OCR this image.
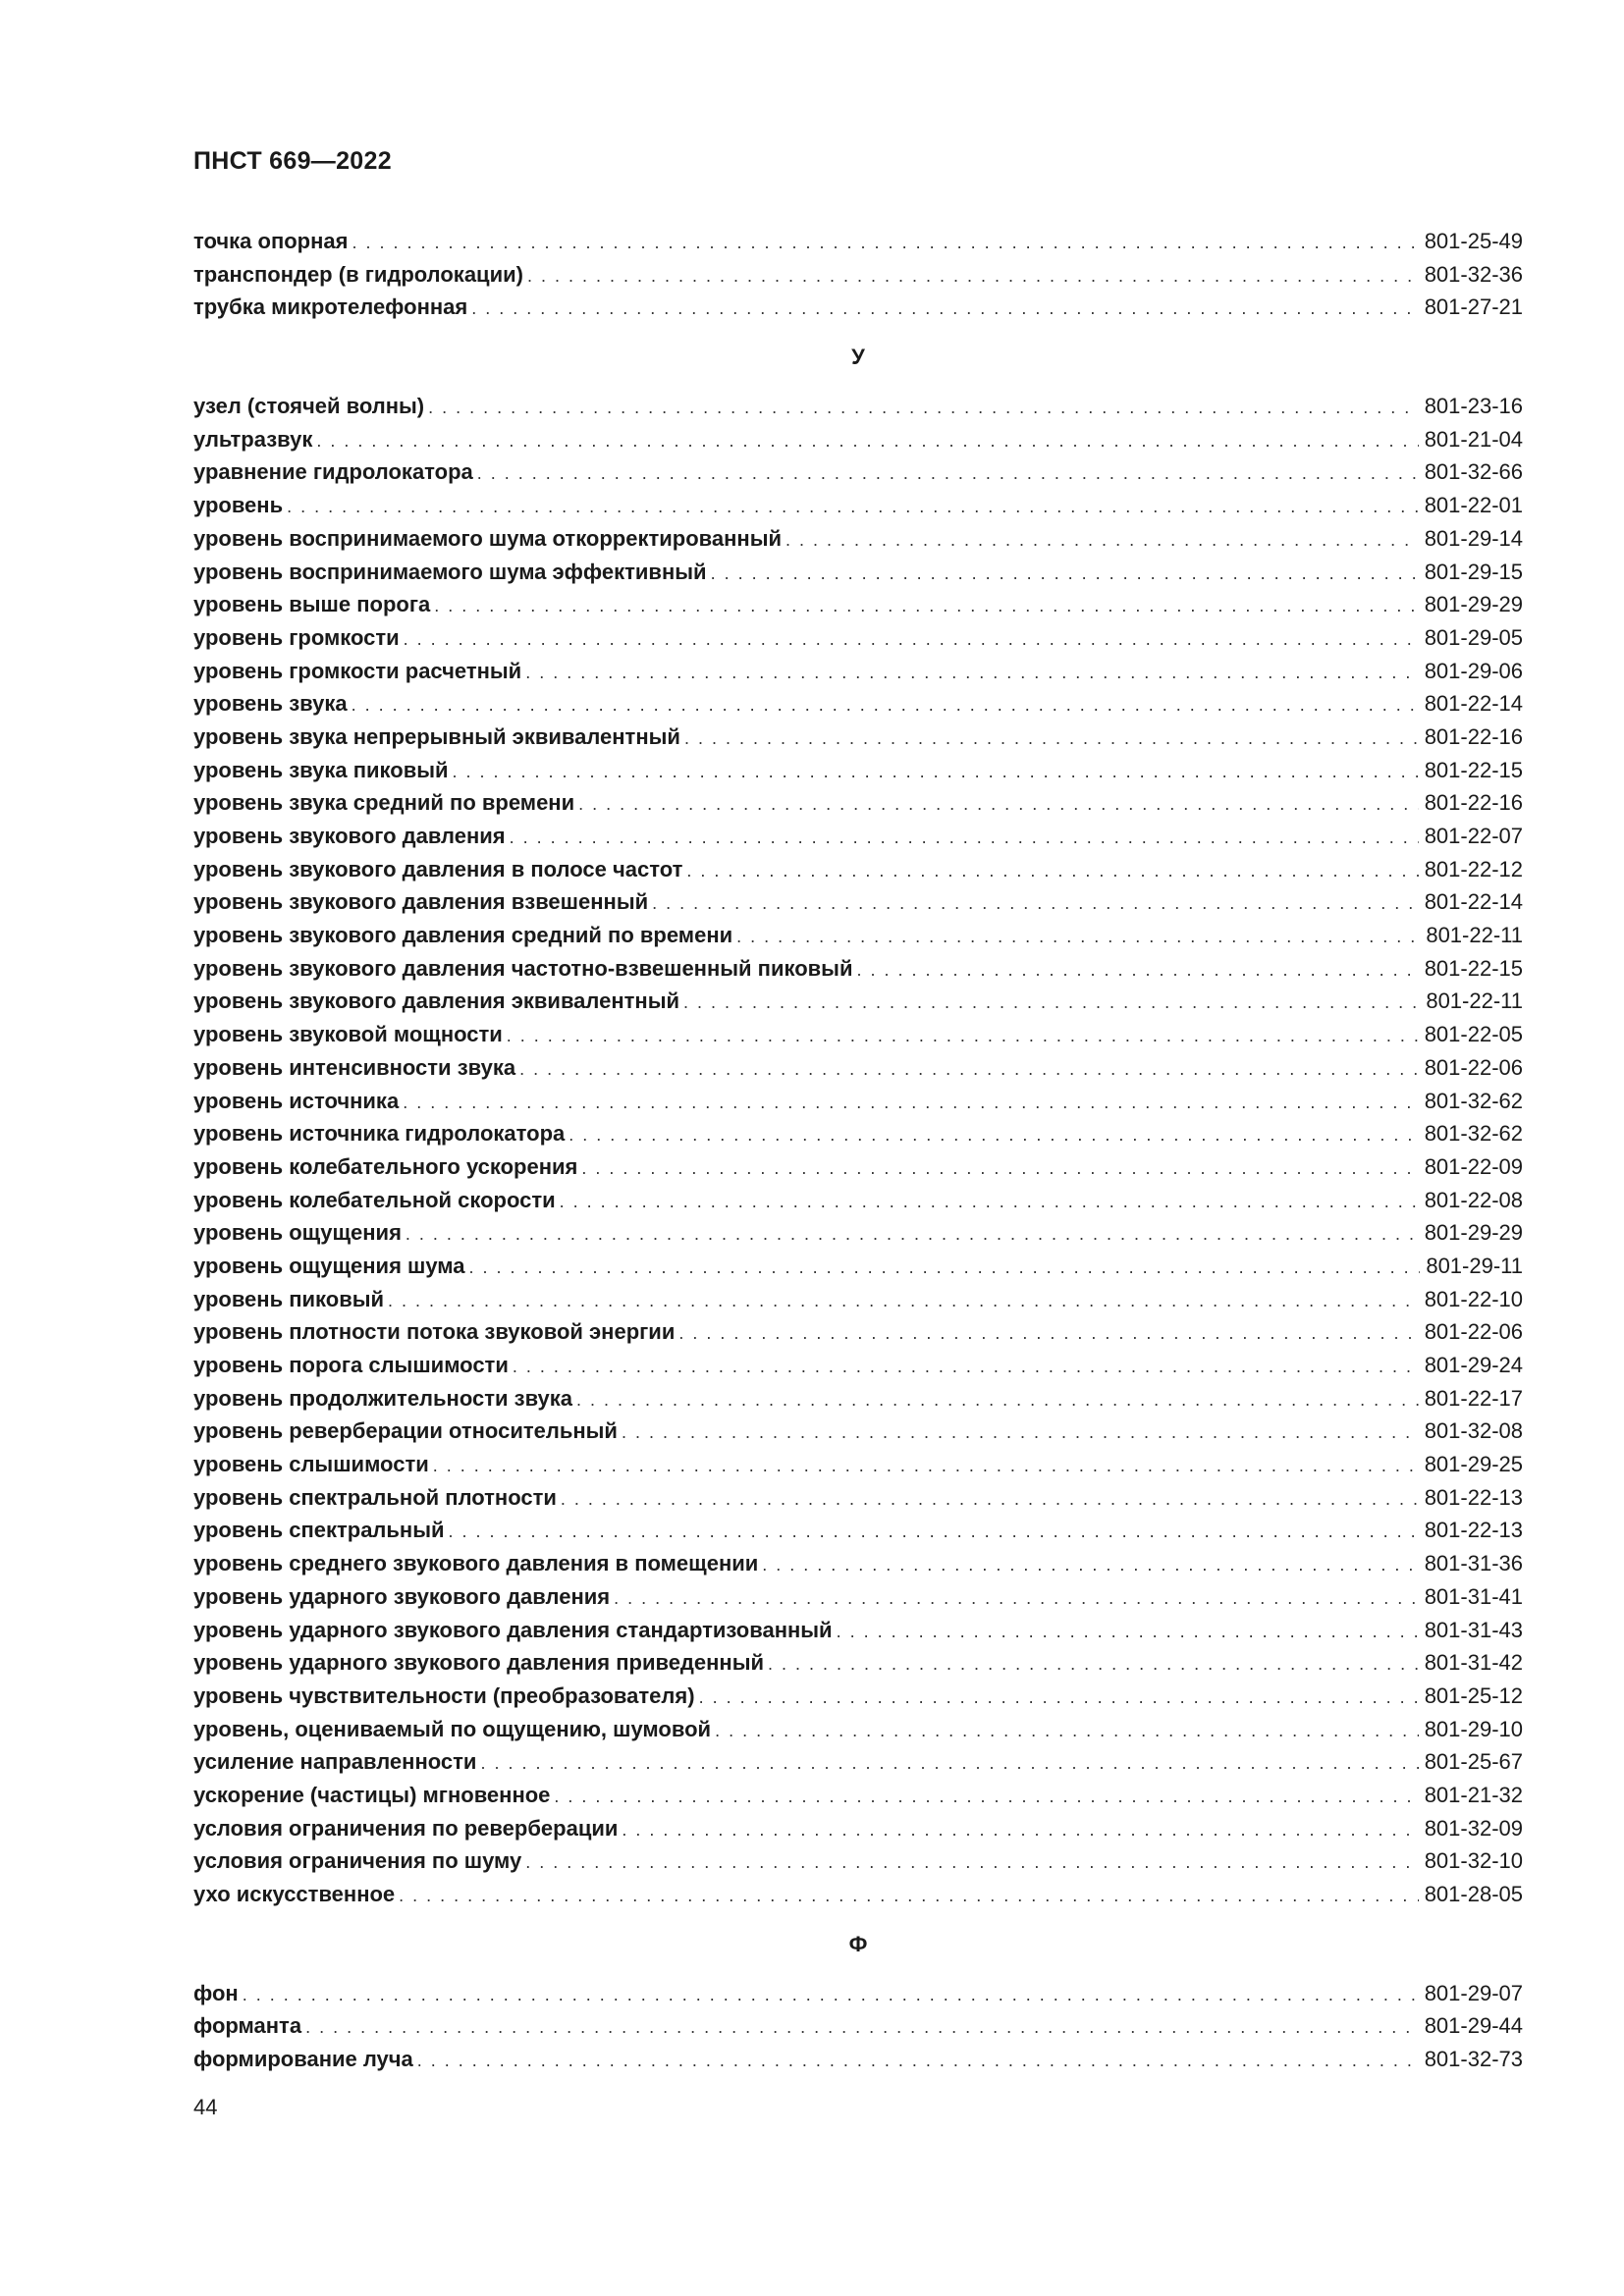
ПНСТ 669—2022
точка опорная . . .	801-25-49
транспондер (в гидролокации) . . .	801-32-36
трубка микротелефонная . . .	801-27-21
У
узел (стоячей волны) . . .	801-23-16
ультразвук . . .	801-21-04
уравнение гидролокатора . . .	801-32-66
уровень . . .	801-22-01
уровень воспринимаемого шума откорректированный . . .	801-29-14
уровень воспринимаемого шума эффективный . . .	801-29-15
уровень выше порога . . .	801-29-29
уровень громкости . . .	801-29-05
уровень громкости расчетный . . .	801-29-06
уровень звука . . .	801-22-14
уровень звука непрерывный эквивалентный . . .	801-22-16
уровень звука пиковый . . .	801-22-15
уровень звука средний по времени . . .	801-22-16
уровень звукового давления . . .	801-22-07
уровень звукового давления в полосе частот . . .	801-22-12
уровень звукового давления взвешенный . . .	801-22-14
уровень звукового давления средний по времени . . .	801-22-11
уровень звукового давления частотно-взвешенный пиковый . . .	801-22-15
уровень звукового давления эквивалентный . . .	801-22-11
уровень звуковой мощности . . .	801-22-05
уровень интенсивности звука . . .	801-22-06
уровень источника . . .	801-32-62
уровень источника гидролокатора . . .	801-32-62
уровень колебательного ускорения . . .	801-22-09
уровень колебательной скорости . . .	801-22-08
уровень ощущения . . .	801-29-29
уровень ощущения шума . . .	801-29-11
уровень пиковый . . .	801-22-10
уровень плотности потока звуковой энергии . . .	801-22-06
уровень порога слышимости . . .	801-29-24
уровень продолжительности звука . . .	801-22-17
уровень реверберации относительный . . .	801-32-08
уровень слышимости . . .	801-29-25
уровень спектральной плотности . . .	801-22-13
уровень спектральный . . .	801-22-13
уровень среднего звукового давления в помещении . . .	801-31-36
уровень ударного звукового давления . . .	801-31-41
уровень ударного звукового давления стандартизованный . . .	801-31-43
уровень ударного звукового давления приведенный . . .	801-31-42
уровень чувствительности (преобразователя) . . .	801-25-12
уровень, оцениваемый по ощущению, шумовой . . .	801-29-10
усиление направленности . . .	801-25-67
ускорение (частицы) мгновенное . . .	801-21-32
условия ограничения по реверберации . . .	801-32-09
условия ограничения по шуму . . .	801-32-10
ухо искусственное . . .	801-28-05
Ф
фон . . .	801-29-07
форманта . . .	801-29-44
формирование луча . . .	801-32-73
44
